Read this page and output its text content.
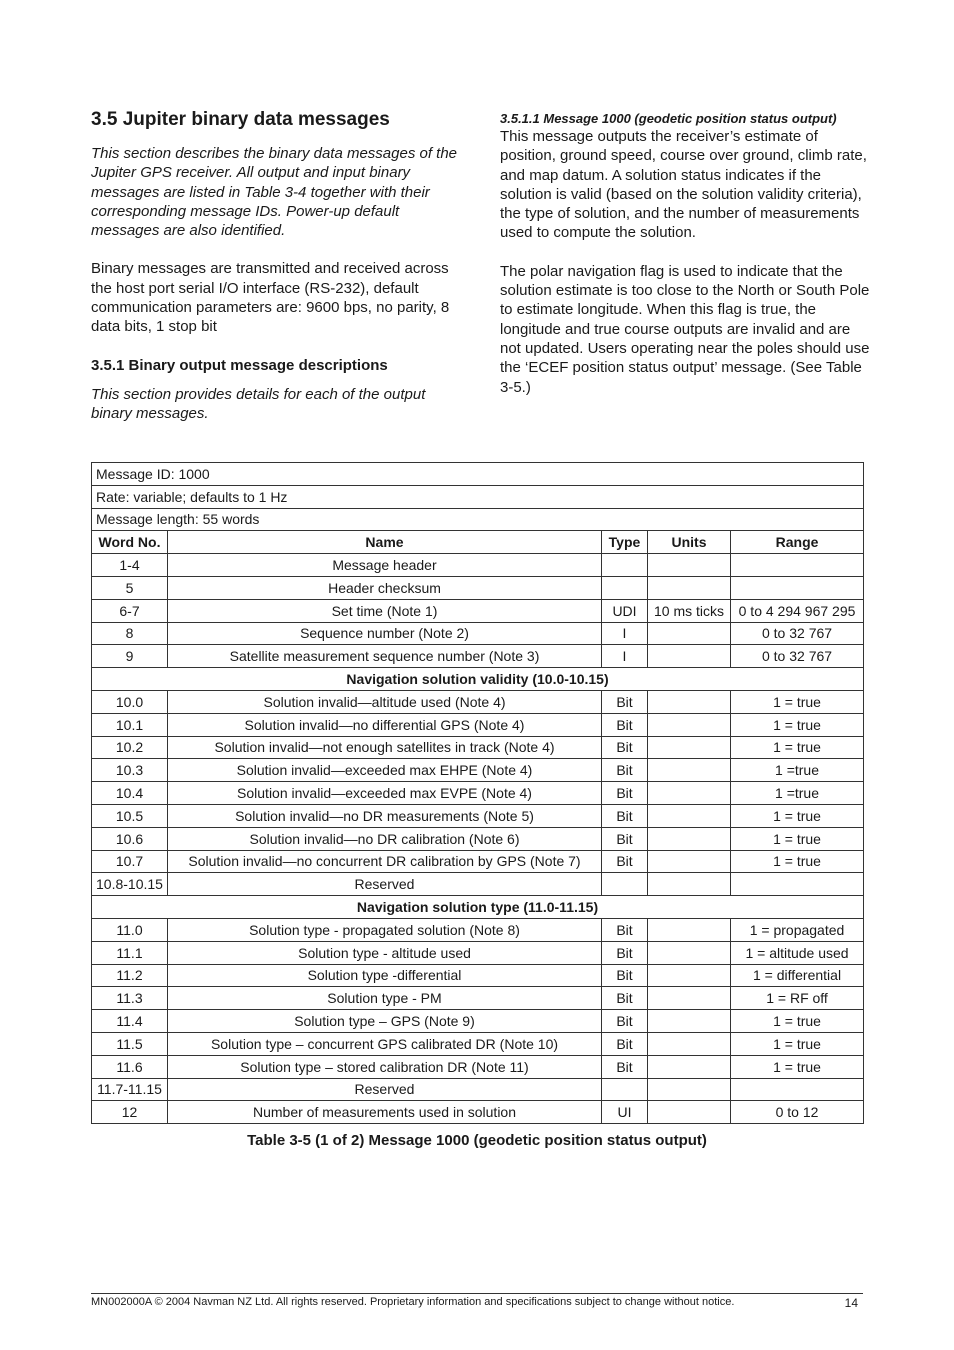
3.5 Jupiter binary data messages

This section describes the binary data messages of the Jupiter GPS receiver. All output and input binary messages are listed in Table 3-4 together with their corresponding message IDs. Power-up default messages are also identified.

Binary messages are transmitted and received across the host port serial I/O interface (RS-232), default communication parameters are: 9600 bps, no parity, 8 data bits, 1 stop bit

3.5.1 Binary output message descriptions

This section provides details for each of the output binary messages.

3.5.1.1 Message 1000 (geodetic position status output)

This message outputs the receiver’s estimate of position, ground speed, course over ground, climb rate, and map datum. A solution status indicates if the solution is valid (based on the solution validity criteria), the type of solution, and the number of measurements used to compute the solution.

The polar navigation flag is used to indicate that the solution estimate is too close to the North or South Pole to estimate longitude. When this flag is true, the longitude and true course outputs are invalid and are not updated. Users operating near the poles should use the ‘ECEF position status output’ message. (See Table 3-5.)

Message ID: 1000				
Rate: variable; defaults to 1 Hz				
Message length: 55 words				
Word No.	Name	Type	Units	Range
1-4	Message header			
5	Header checksum			
6-7	Set time (Note 1)	UDI	10 ms ticks	0 to 4 294 967 295
8	Sequence number (Note 2)	I		0 to 32 767
9	Satellite measurement sequence number (Note 3)	I		0 to 32 767
Navigation solution validity (10.0-10.15)				
10.0	Solution invalid—altitude used (Note 4)	Bit		1 = true
10.1	Solution invalid—no differential GPS (Note 4)	Bit		1 = true
10.2	Solution invalid—not enough satellites in track (Note 4)	Bit		1 = true
10.3	Solution invalid—exceeded max EHPE (Note 4)	Bit		1 =true
10.4	Solution invalid—exceeded max EVPE (Note 4)	Bit		1 =true
10.5	Solution invalid—no DR measurements (Note 5)	Bit		1 = true
10.6	Solution invalid—no DR calibration (Note 6)	Bit		1 = true
10.7	Solution invalid—no concurrent DR calibration by GPS (Note 7)	Bit		1 = true
10.8-10.15	Reserved			
Navigation solution type (11.0-11.15)				
11.0	Solution type - propagated solution (Note 8)	Bit		1 = propagated
11.1	Solution type - altitude used	Bit		1 = altitude used
11.2	Solution type -differential	Bit		1 = differential
11.3	Solution type - PM	Bit		1 = RF off
11.4	Solution type – GPS (Note 9)	Bit		1 = true
11.5	Solution type – concurrent GPS calibrated DR (Note 10)	Bit		1 = true
11.6	Solution type – stored calibration DR (Note 11)	Bit		1 = true
11.7-11.15	Reserved			
12	Number of measurements used in solution	UI		0 to 12
Table 3-5 (1 of 2) Message 1000 (geodetic position status output)
MN002000A © 2004 Navman NZ Ltd. All rights reserved. Proprietary information and specifications subject to change without notice.	14
